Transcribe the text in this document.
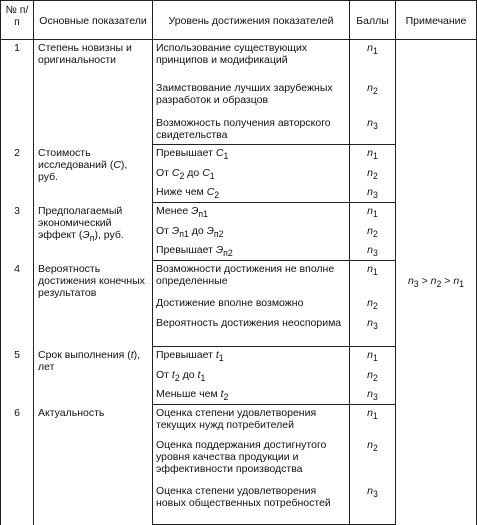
№ п/п	Основные показатели	Уровень достижения показателей	Баллы	Примечание
1	Степень новизны и оригинальности	Использование существующих принципов и модификаций	$n_1$	$n_3 > n_2 > n_1$
		Заимствование лучших зарубежных разработок и образцов	$n_2$
		Возможность получения авторского свидетельства	$n_3$
2	Стоимость исследований (С), руб.	Превышает $C_1$	$n_1$
		От $C_2$ до $C_1$	$n_2$
		Ниже чем $C_2$	$n_3$
3	Предполагаемый экономический эффект $(Э_п)$, руб.	Менее $Э_{п1}$	$n_1$
		От $Э_{п1}$ до $Э_{п2}$	$n_2$
		Превышает $Э_{п2}$	$n_3$
4	Вероятность достижения конечных результатов	Возможности достижения не вполне определенные	$n_1$
		Достижение вполне возможно	$n_2$
		Вероятность достижения неоспорима	$n_3$
5	Срок выполнения (t), лет	Превышает $t_1$	$n_1$
		От $t_2$ до $t_1$	$n_2$
		Меньше чем $t_2$	$n_3$
6	Актуальность	Оценка степени удовлетворения текущих нужд потребителей	$n_1$
		Оценка поддержания достигнутого уровня качества продукции и эффективности производства	$n_2$
		Оценка степени удовлетворения новых общественных потребностей	$n_3$
